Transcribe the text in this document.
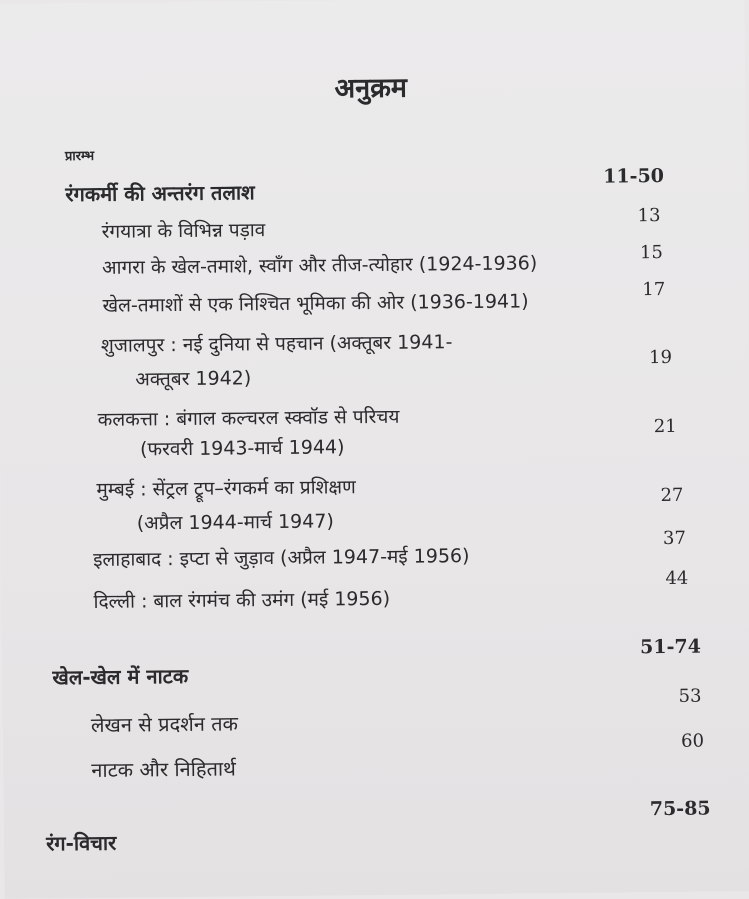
अनुक्रम
प्रारम्भ
रंगकर्मी की अन्तरंग तलाश
11-50
रंगयात्रा के विभिन्न पड़ाव
13
आगरा के खेल-तमाशे, स्वाँग और तीज-त्योहार (1924-1936)	15
खेल-तमाशों से एक निश्चित भूमिका की ओर (1936-1941)
17
शुजालपुर : नई दुनिया से पहचान (अक्तूबर 1941-
अक्तूबर 1942)
19
कलकत्ता : बंगाल कल्चरल स्क्वॉड से परिचय
(फरवरी 1943-मार्च 1944)
21
मुम्बई : सेंट्रल ट्रूप–रंगकर्म का प्रशिक्षण
(अप्रैल 1944-मार्च 1947)
27
इलाहाबाद : इप्टा से जुड़ाव (अप्रैल 1947-मई 1956)
37
दिल्ली : बाल रंगमंच की उमंग (मई 1956)
44
खेल-खेल में नाटक
51-74
लेखन से प्रदर्शन तक
53
नाटक और निहितार्थ
60
रंग-विचार
75-85
